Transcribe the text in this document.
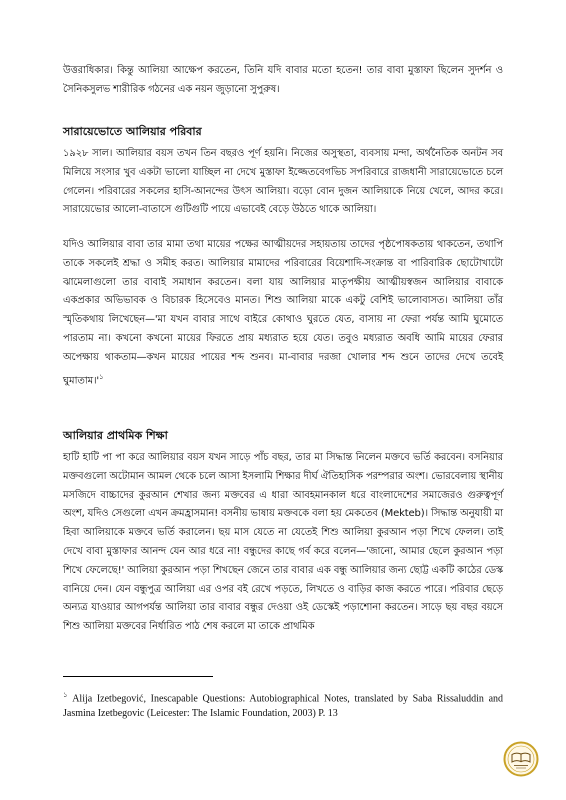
উত্তরাধিকার। কিন্তু আলিয়া আক্ষেপ করতেন, তিনি যদি বাবার মতো হতেন! তার বাবা মুস্তাফা ছিলেন সুদর্শন ও সৈনিকসুলভ শারীরিক গঠনের এক নয়ন জুড়ানো সুপুরুষ।

সারায়েভোতে আলিয়ার পরিবার

১৯২৮ সাল। আলিয়ার বয়স তখন তিন বছরও পূর্ণ হয়নি। নিজের অসুস্থতা, ব্যবসায় মন্দা, অর্থনৈতিক অনটন সব মিলিয়ে সংসার খুব একটা ভালো যাচ্ছিল না দেখে মুস্তাফা ইজ্জেতবেগভিচ সপরিবারে রাজধানী সারায়েভোতে চলে গেলেন। পরিবারের সকলের হাসি-আনন্দের উৎস আলিয়া। বড়ো বোন দুজন আলিয়াকে নিয়ে খেলে, আদর করে। সারায়েভোর আলো-বাতাসে গুটিগুটি পায়ে এভাবেই বেড়ে উঠতে থাকে আলিয়া।

যদিও আলিয়ার বাবা তার মামা তথা মায়ের পক্ষের আত্মীয়দের সহায়তায় তাদের পৃষ্ঠপোষকতায় থাকতেন, তথাপি তাকে সকলেই শ্রদ্ধা ও সমীহ করত। আলিয়ার মামাদের পরিবারের বিয়েশাদি-সংক্রান্ত বা পারিবারিক ছোটোখাটো ঝামেলাগুলো তার বাবাই সমাধান করতেন। বলা যায় আলিয়ার মাতৃপক্ষীয় আত্মীয়স্বজন আলিয়ার বাবাকে একপ্রকার অভিভাবক ও বিচারক হিসেবেও মানত। শিশু আলিয়া মাকে একটু বেশিই ভালোবাসত। আলিয়া তাঁর স্মৃতিকথায় লিখেছেন—'মা যখন বাবার সাথে বাইরে কোথাও ঘুরতে যেত, বাসায় না ফেরা পর্যন্ত আমি ঘুমোতে পারতাম না। কখনো কখনো মায়ের ফিরতে প্রায় মধ্যরাত হয়ে যেত। তবুও মধ্যরাত অবধি আমি মায়ের ফেরার অপেক্ষায় থাকতাম—কখন মায়ের পায়ের শব্দ শুনব। মা-বাবার দরজা খোলার শব্দ শুনে তাদের দেখে তবেই $ঘুমাতাম।'^১$

আলিয়ার প্রাথমিক শিক্ষা

হাটি হাটি পা পা করে আলিয়ার বয়স যখন সাড়ে পাঁচ বছর, তার মা সিদ্ধান্ত নিলেন মক্তবে ভর্তি করবেন। বসনিয়ার মক্তবগুলো অটোমান আমল থেকে চলে আসা ইসলামি শিক্ষার দীর্ঘ ঐতিহাসিক পরম্পরার অংশ। ভোরবেলায় স্থানীয় মসজিদে বাচ্চাদের কুরআন শেখার জন্য মক্তবের এ ধারা আবহমানকাল ধরে বাংলাদেশের সমাজেরও গুরুত্বপূর্ণ অংশ, যদিও সেগুলো এখন ক্রমহ্রাসমান! বসনীয় ভাষায় মক্তবকে বলা হয় মেকতেব (Mekteb)। সিদ্ধান্ত অনুযায়ী মা হিবা আলিয়াকে মক্তবে ভর্তি করালেন। ছয় মাস যেতে না যেতেই শিশু আলিয়া কুরআন পড়া শিখে ফেলল। তাই দেখে বাবা মুস্তাফার আনন্দ যেন আর ধরে না! বন্ধুদের কাছে গর্ব করে বলেন—'জানো, আমার ছেলে কুরআন পড়া শিখে ফেলেছে!' আলিয়া কুরআন পড়া শিখছেন জেনে তার বাবার এক বন্ধু আলিয়ার জন্য ছোট্ট একটি কাঠের ডেস্ক বানিয়ে দেন। যেন বন্ধুপুত্র আলিয়া এর ওপর বই রেখে পড়তে, লিখতে ও বাড়ির কাজ করতে পারে। পরিবার ছেড়ে অন্যত্র যাওয়ার আগপর্যন্ত আলিয়া তার বাবার বন্ধুর দেওয়া ওই ডেস্কেই পড়াশোনা করতেন। সাড়ে ছয় বছর বয়সে শিশু আলিয়া মক্তবের নির্ধারিত পাঠ শেষ করলে মা তাকে প্রাথমিক

$^১$ Alija Izetbegović, Inescapable Questions: Autobiographical Notes, translated by Saba Rissaluddin and Jasmina Izetbegovic (Leicester: The Islamic Foundation, 2003) P. 13
